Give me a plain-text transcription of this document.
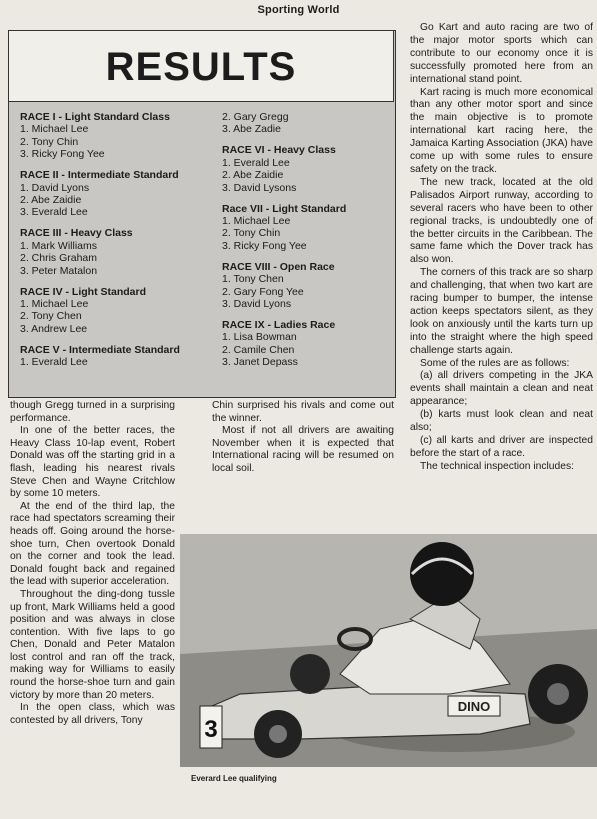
Sporting World
RESULTS
RACE I - Light Standard Class
1. Michael Lee
2. Tony Chin
3. Ricky Fong Yee
RACE II - Intermediate Standard
1. David Lyons
2. Abe Zaidie
3. Everald Lee
RACE III - Heavy Class
1. Mark Williams
2. Chris Graham
3. Peter Matalon
RACE IV - Light Standard
1. Michael Lee
2. Tony Chen
3. Andrew Lee
RACE V - Intermediate Standard
1. Everald Lee
2. Gary Gregg
3. Abe Zadie
RACE VI - Heavy Class
1. Everald Lee
2. Abe Zaidie
3. David Lysons
Race VII - Light Standard
1. Michael Lee
2. Tony Chin
3. Ricky Fong Yee
RACE VIII - Open Race
1. Tony Chen
2. Gary Fong Yee
3. David Lyons
RACE IX - Ladies Race
1. Lisa Bowman
2. Camile Chen
3. Janet Depass

Go Kart and auto racing are two of the major motor sports which can contribute to our economy once it is successfully promoted here from an international stand point.

Kart racing is much more economical than any other motor sport and since the main objective is to promote international kart racing here, the Jamaica Karting Association (JKA) have come up with some rules to ensure safety on the track.

The new track, located at the old Palisados Airport runway, according to several racers who have been to other regional tracks, is undoubtedly one of the better circuits in the Caribbean. The same fame which the Dover track has also won.

The corners of this track are so sharp and challenging, that when two kart are racing bumper to bumper, the intense action keeps spectators silent, as they look on anxiously until the karts turn up into the straight where the high speed challenge starts again.

Some of the rules are as follows:

(a) all drivers competing in the JKA events shall maintain a clean and neat appearance;

(b) karts must look clean and neat also;

(c) all karts and driver are inspected before the start of a race.

The technical inspection includes:

though Gregg turned in a surprising performance.

In one of the better races, the Heavy Class 10-lap event, Robert Donald was off the starting grid in a flash, leading his nearest rivals Steve Chen and Wayne Critchlow by some 10 meters.

At the end of the third lap, the race had spectators screaming their heads off. Going around the horse-shoe turn, Chen overtook Donald on the corner and took the lead. Donald fought back and regained the lead with superior acceleration.

Throughout the ding-dong tussle up front, Mark Williams held a good position and was always in close contention. With five laps to go Chen, Donald and Peter Matalon lost control and ran off the track, making way for Williams to easily round the horse-shoe turn and gain victory by more than 20 meters.

In the open class, which was contested by all drivers, Tony

Chin surprised his rivals and come out the winner.

Most if not all drivers are awaiting November when it is expected that International racing will be resumed on local soil.

DINO
3
Everard Lee qualifying
